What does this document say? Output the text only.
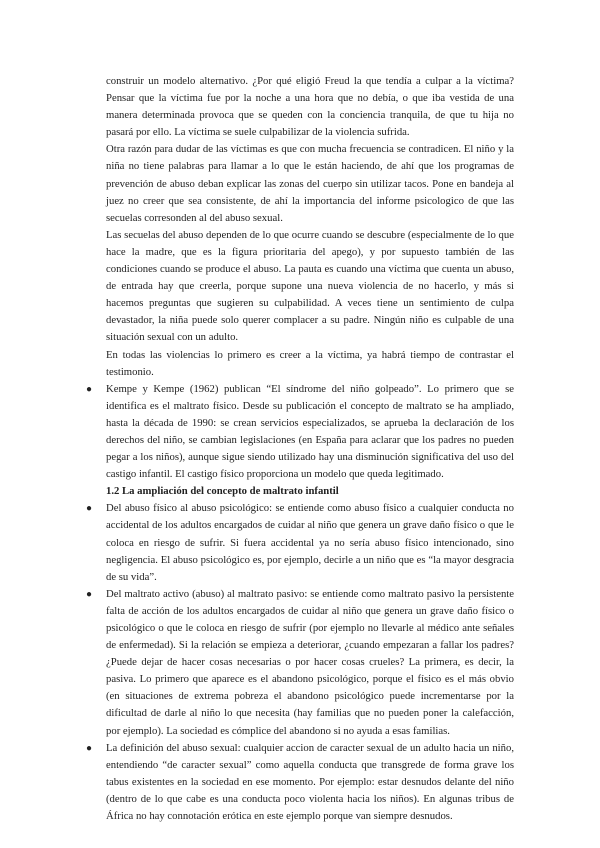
construir un modelo alternativo. ¿Por qué eligió Freud la que tendía a culpar a la víctima? Pensar que la víctima fue por la noche a una hora que no debía, o que iba vestida de una manera determinada provoca que se queden con la conciencia tranquila, de que tu hija no pasará por ello. La víctima se suele culpabilizar de la violencia sufrida.

Otra razón para dudar de las víctimas es que con mucha frecuencia se contradicen. El niño y la niña no tiene palabras para llamar a lo que le están haciendo, de ahí que los programas de prevención de abuso deban explicar las zonas del cuerpo sin utilizar tacos. Pone en bandeja al juez no creer que sea consistente, de ahí la importancia del informe psicologico de que las secuelas corresonden al del abuso sexual.

Las secuelas del abuso dependen de lo que ocurre cuando se descubre (especialmente de lo que hace la madre, que es la figura prioritaria del apego), y por supuesto también de las condiciones cuando se produce el abuso. La pauta es cuando una víctima que cuenta un abuso, de entrada hay que creerla, porque supone una nueva violencia de no hacerlo, y más si hacemos preguntas que sugieren su culpabilidad. A veces tiene un sentimiento de culpa devastador, la niña puede solo querer complacer a su padre. Ningún niño es culpable de una situación sexual con un adulto.

En todas las violencias lo primero es creer a la víctima, ya habrá tiempo de contrastar el testimonio.

● Kempe y Kempe (1962) publican “El síndrome del niño golpeado”. Lo primero que se identifica es el maltrato físico. Desde su publicación el concepto de maltrato se ha ampliado, hasta la década de 1990: se crean servicios especializados, se aprueba la declaración de los derechos del niño, se cambian legislaciones (en España para aclarar que los padres no pueden pegar a los niños), aunque sigue siendo utilizado hay una disminución significativa del uso del castigo infantil. El castigo físico proporciona un modelo que queda legitimado.

1.2 La ampliación del concepto de maltrato infantil

● Del abuso físico al abuso psicológico: se entiende como abuso físico a cualquier conducta no accidental de los adultos encargados de cuidar al niño que genera un grave daño físico o que le coloca en riesgo de sufrir. Si fuera accidental ya no sería abuso físico intencionado, sino negligencia. El abuso psicológico es, por ejemplo, decirle a un niño que es “la mayor desgracia de su vida”.

● Del maltrato activo (abuso) al maltrato pasivo: se entiende como maltrato pasivo la persistente falta de acción de los adultos encargados de cuidar al niño que genera un grave daño físico o psicológico o que le coloca en riesgo de sufrir (por ejemplo no llevarle al médico ante señales de enfermedad). Si la relación se empieza a deteriorar, ¿cuando empezaran a fallar los padres? ¿Puede dejar de hacer cosas necesarias o por hacer cosas crueles? La primera, es decir, la pasiva. Lo primero que aparece es el abandono psicológico, porque el físico es el más obvio (en situaciones de extrema pobreza el abandono psicológico puede incrementarse por la dificultad de darle al niño lo que necesita (hay familias que no pueden poner la calefacción, por ejemplo). La sociedad es cómplice del abandono si no ayuda a esas familias.

● La definición del abuso sexual: cualquier accion de caracter sexual de un adulto hacia un niño, entendiendo “de caracter sexual” como aquella conducta que transgrede de forma grave los tabus existentes en la sociedad en ese momento. Por ejemplo: estar desnudos delante del niño (dentro de lo que cabe es una conducta poco violenta hacia los niños). En algunas tribus de África no hay connotación erótica en este ejemplo porque van siempre desnudos.
